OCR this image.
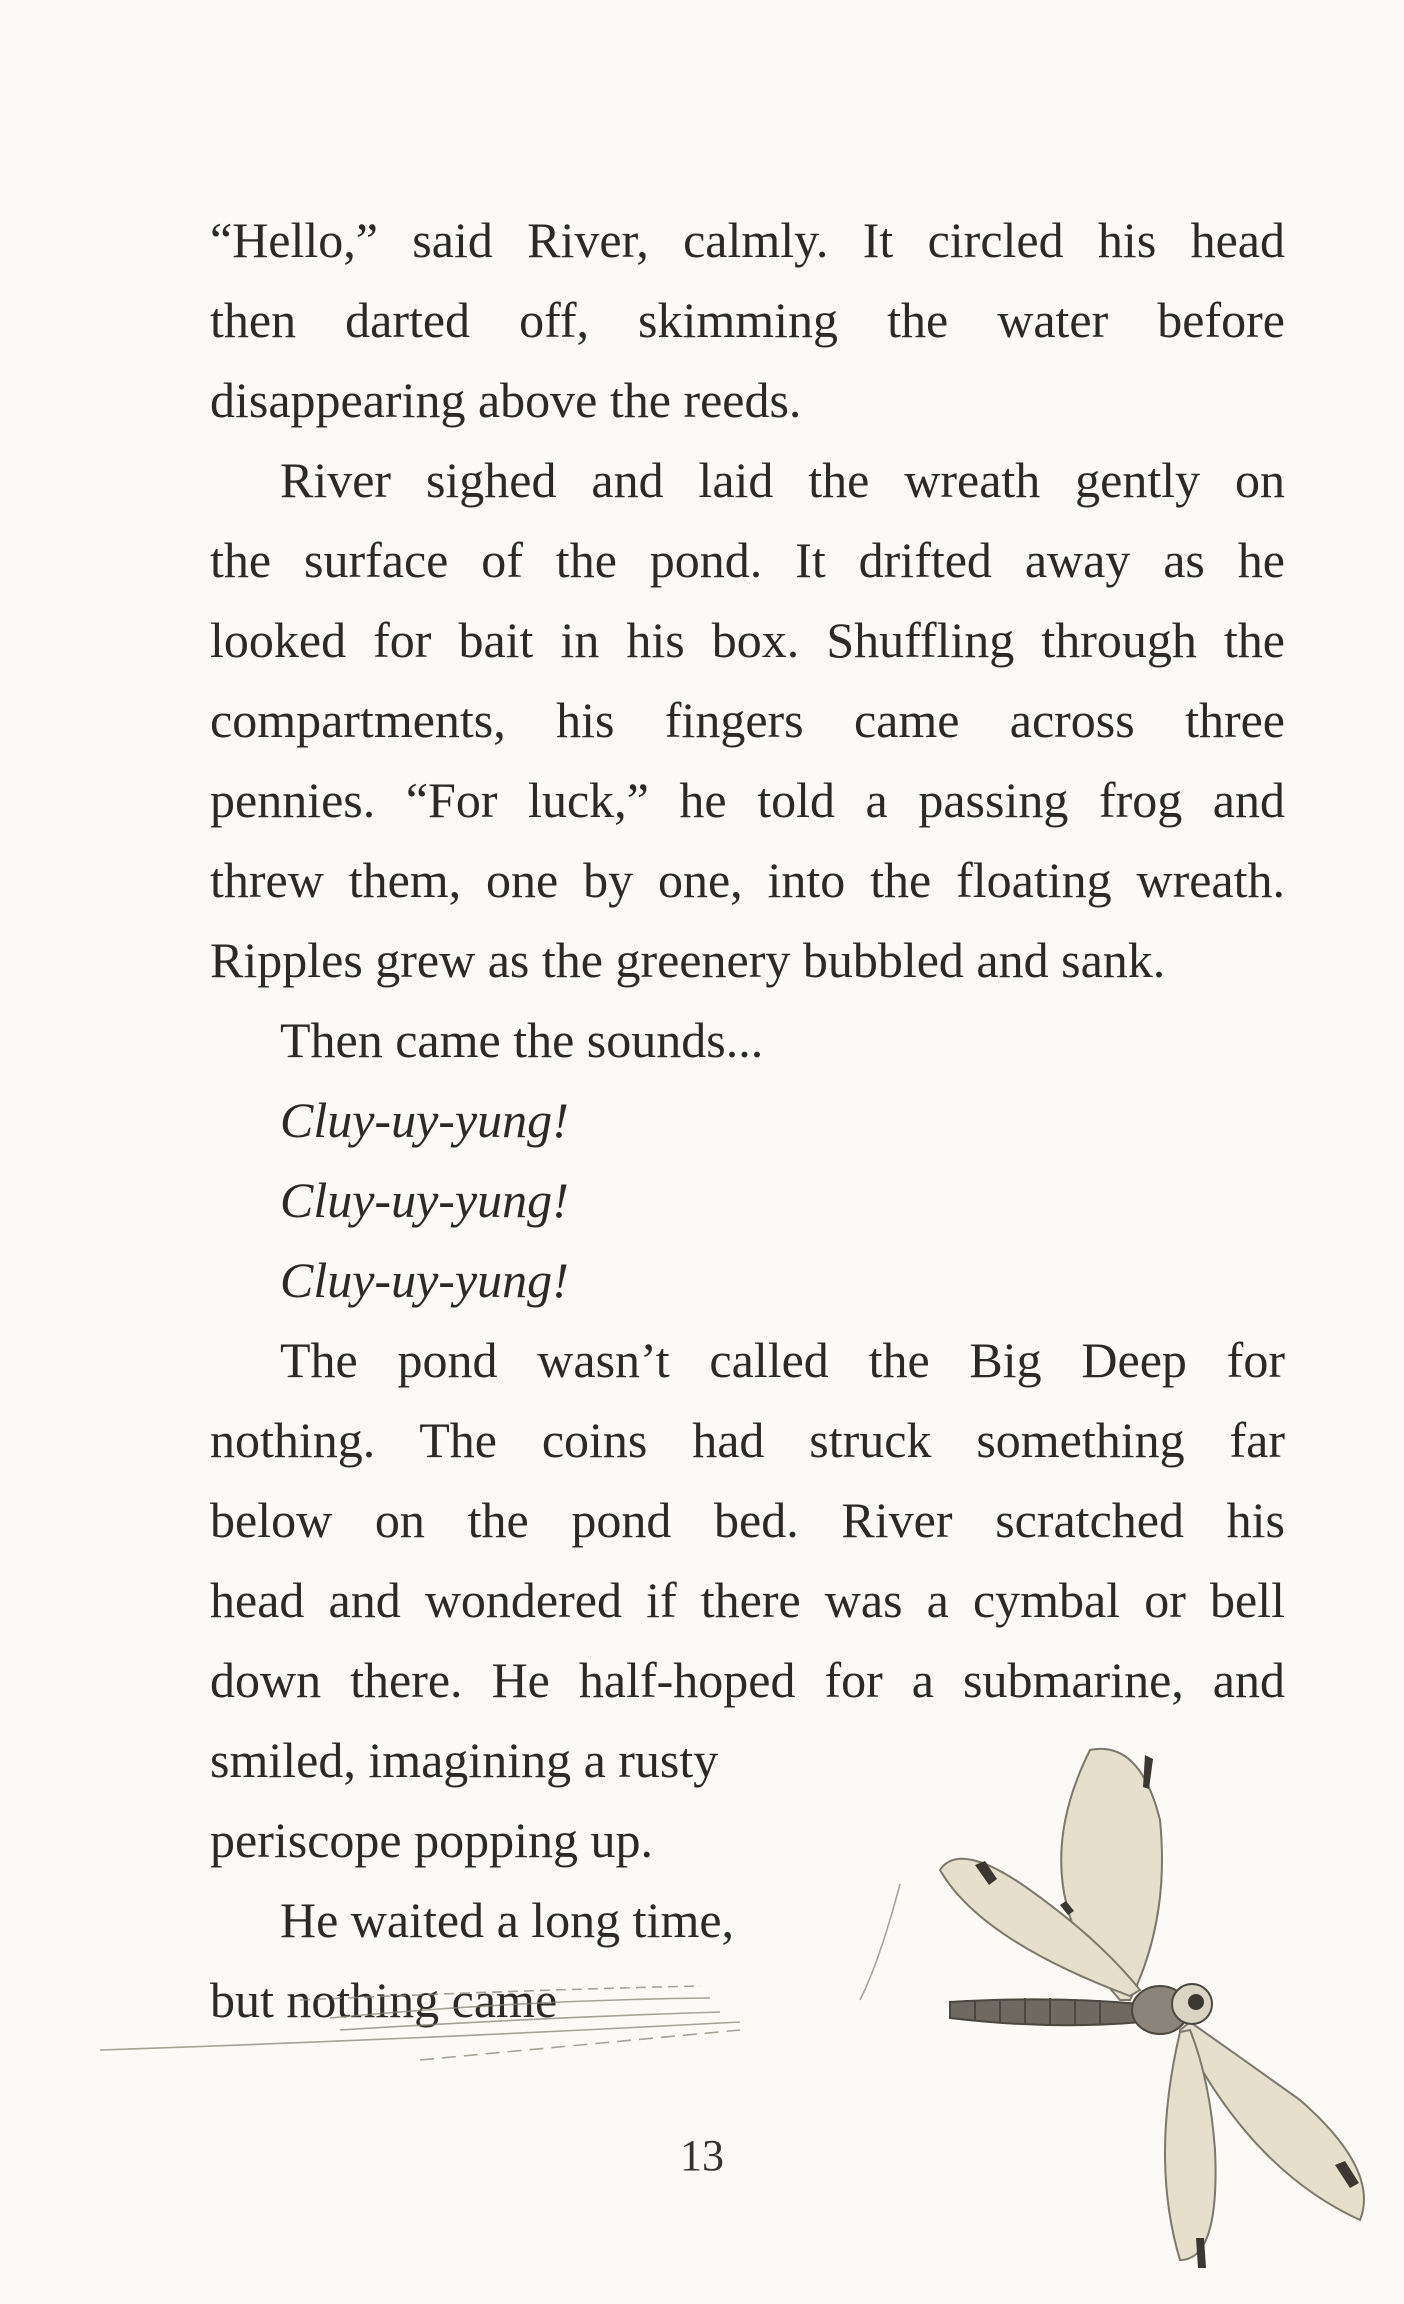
“Hello,” said River, calmly. It circled his head
then darted off, skimming the water before
disappearing above the reeds.
River sighed and laid the wreath gently on
the surface of the pond. It drifted away as he
looked for bait in his box. Shuffling through the
compartments, his fingers came across three
pennies. “For luck,” he told a passing frog and
threw them, one by one, into the floating wreath.
Ripples grew as the greenery bubbled and sank.
Then came the sounds...
Cluy-uy-yung!
Cluy-uy-yung!
Cluy-uy-yung!
The pond wasn’t called the Big Deep for
nothing. The coins had struck something far
below on the pond bed. River scratched his
head and wondered if there was a cymbal or bell
down there. He half-hoped for a submarine, and
smiled, imagining a rusty
periscope popping up.
He waited a long time,
but nothing came
13
